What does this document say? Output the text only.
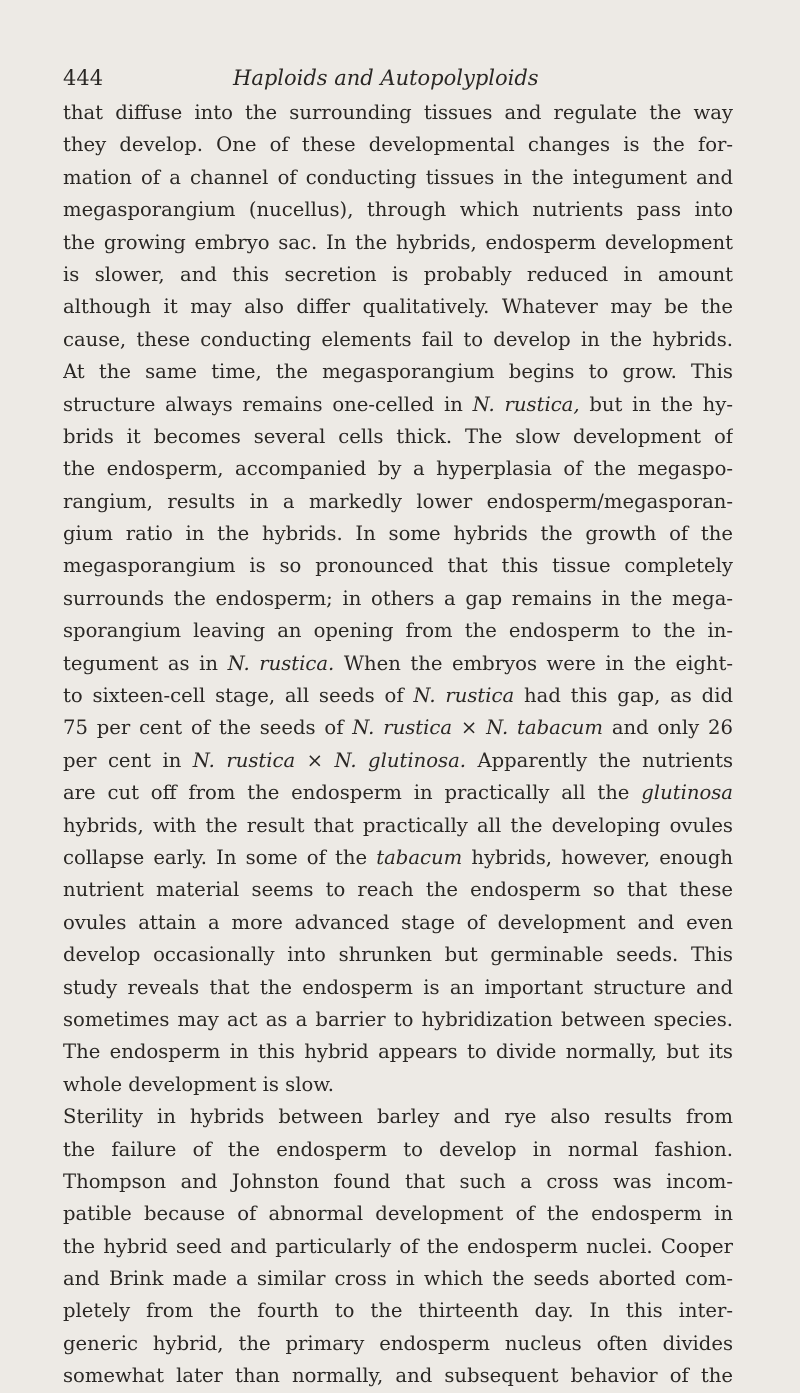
444	Haploids and Autopolyploids
that diffuse into the surrounding tissues and regulate the way
they develop. One of these developmental changes is the for-
mation of a channel of conducting tissues in the integument and
megasporangium (nucellus), through which nutrients pass into
the growing embryo sac. In the hybrids, endosperm development
is slower, and this secretion is probably reduced in amount
although it may also differ qualitatively. Whatever may be the
cause, these conducting elements fail to develop in the hybrids.
At the same time, the megasporangium begins to grow. This
structure always remains one-celled in N. rustica, but in the hy-
brids it becomes several cells thick. The slow development of
the endosperm, accompanied by a hyperplasia of the megaspo-
rangium, results in a markedly lower endosperm/megasporan-
gium ratio in the hybrids. In some hybrids the growth of the
megasporangium is so pronounced that this tissue completely
surrounds the endosperm; in others a gap remains in the mega-
sporangium leaving an opening from the endosperm to the in-
tegument as in N. rustica. When the embryos were in the eight-
to sixteen-cell stage, all seeds of N. rustica had this gap, as did
75 per cent of the seeds of N. rustica × N. tabacum and only 26
per cent in N. rustica × N. glutinosa. Apparently the nutrients
are cut off from the endosperm in practically all the glutinosa
hybrids, with the result that practically all the developing ovules
collapse early. In some of the tabacum hybrids, however, enough
nutrient material seems to reach the endosperm so that these
ovules attain a more advanced stage of development and even
develop occasionally into shrunken but germinable seeds. This
study reveals that the endosperm is an important structure and
sometimes may act as a barrier to hybridization between species.
The endosperm in this hybrid appears to divide normally, but its
whole development is slow.
Sterility in hybrids between barley and rye also results from
the failure of the endosperm to develop in normal fashion.
Thompson and Johnston found that such a cross was incom-
patible because of abnormal development of the endosperm in
the hybrid seed and particularly of the endosperm nuclei. Cooper
and Brink made a similar cross in which the seeds aborted com-
pletely from the fourth to the thirteenth day. In this inter-
generic hybrid, the primary endosperm nucleus often divides
somewhat later than normally, and subsequent behavior of the
